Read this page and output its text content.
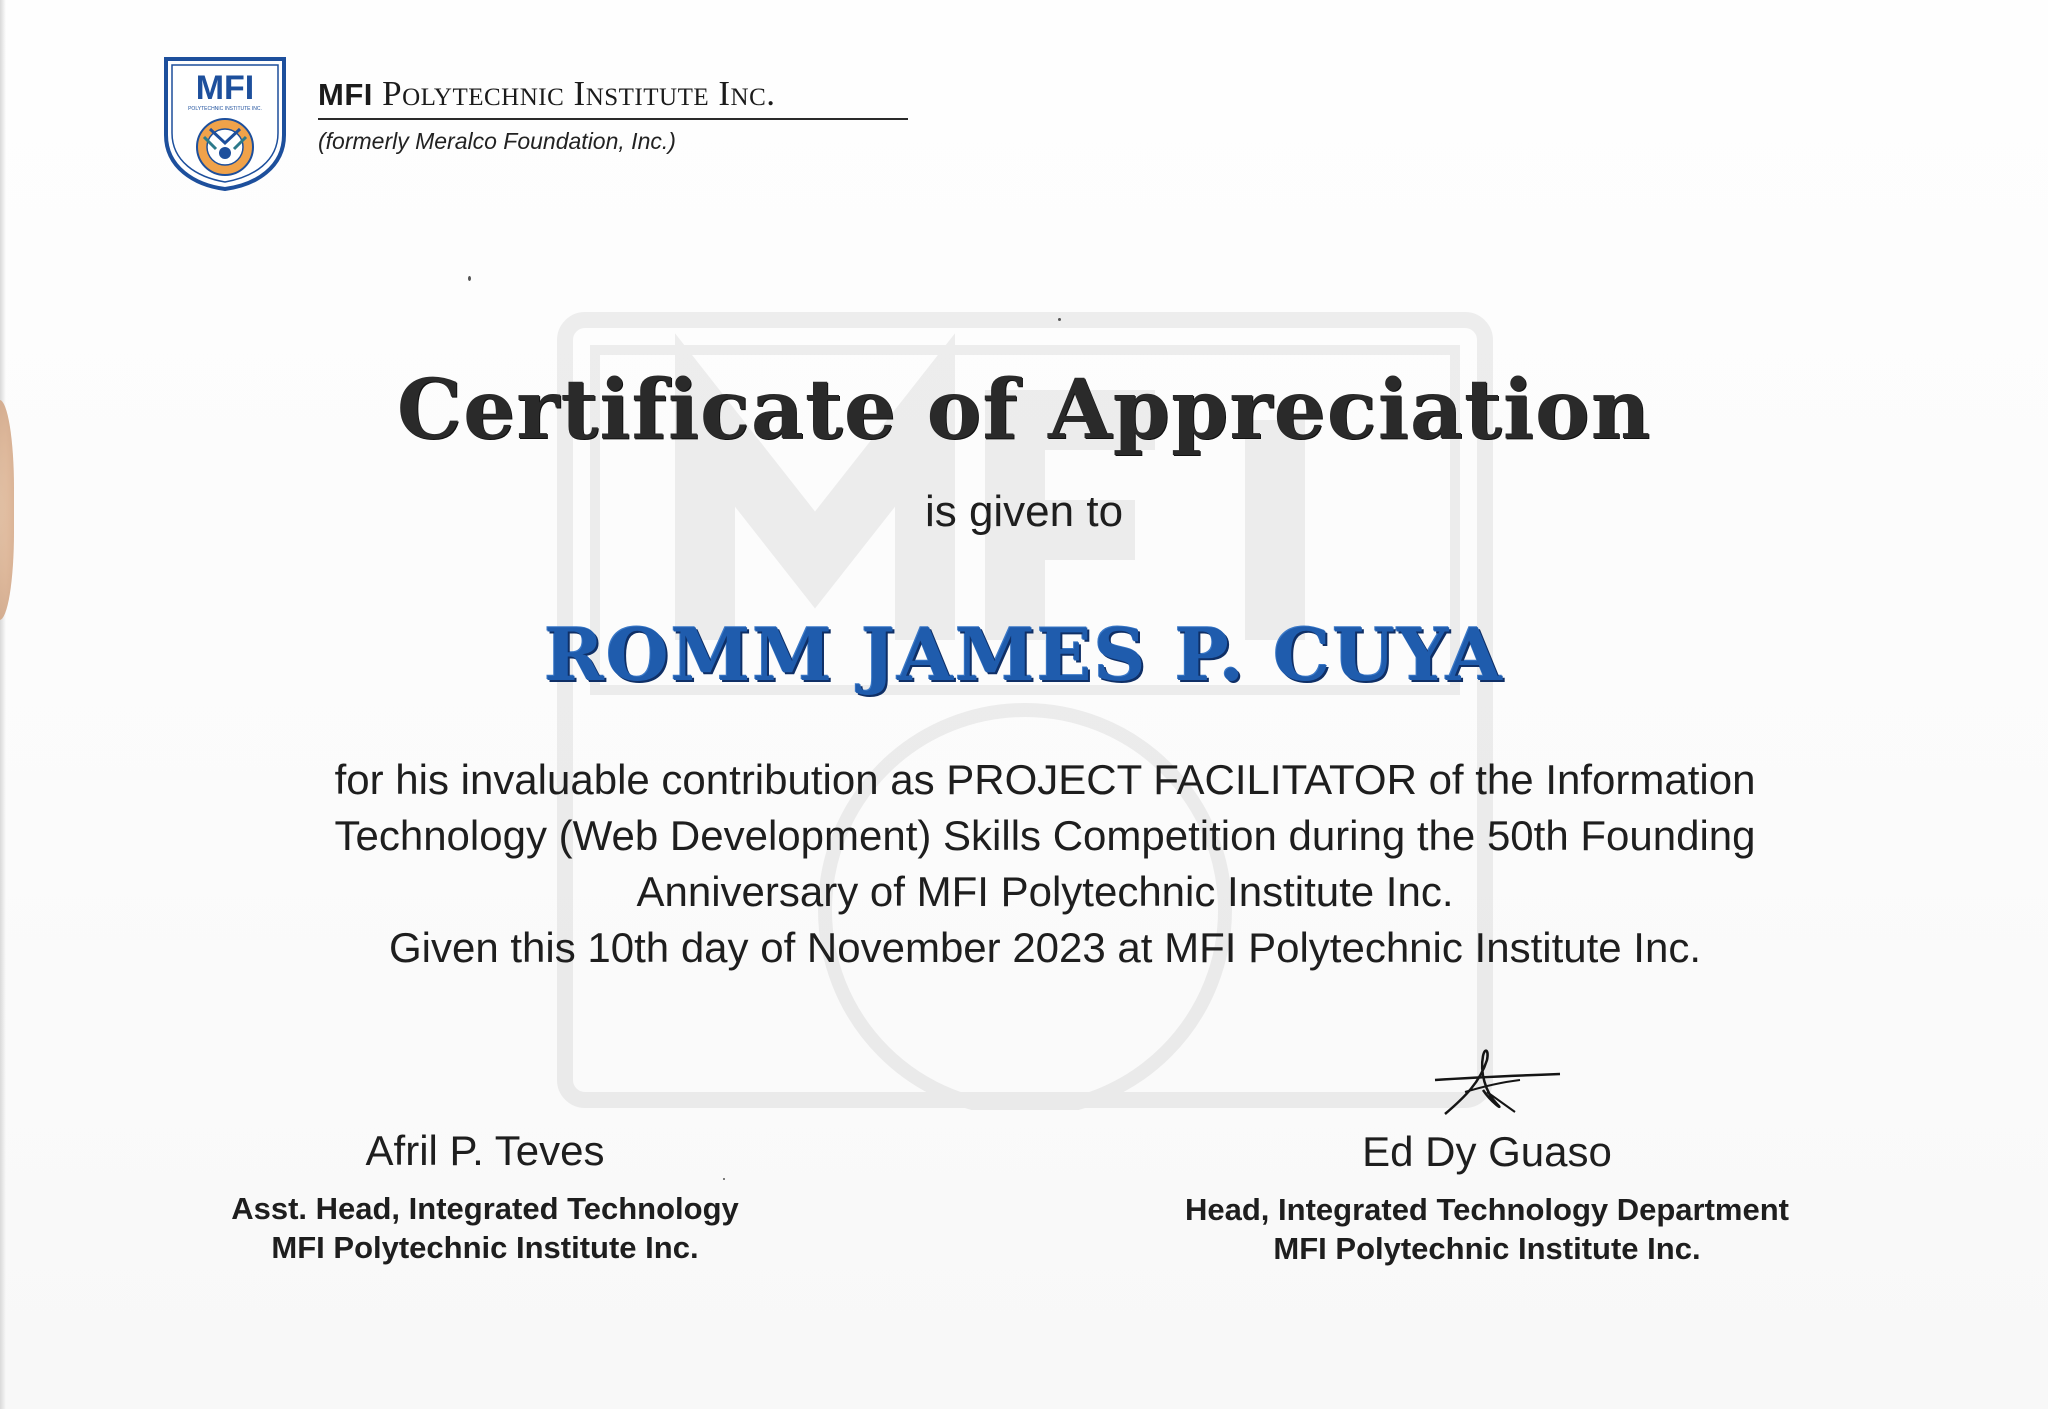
MFI
POLYTECHNIC INSTITUTE INC. MFI Polytechnic Institute Inc.
(formerly Meralco Foundation, Inc.)
Certificate of Appreciation
is given to
ROMM JAMES P. CUYA

for his invaluable contribution as PROJECT FACILITATOR of the Information

Technology (Web Development) Skills Competition during the 50th Founding

Anniversary of MFI Polytechnic Institute Inc.

Given this 10th day of November 2023 at MFI Polytechnic Institute Inc.

Afril P. Teves
Asst. Head, Integrated Technology
MFI Polytechnic Institute Inc.
Ed Dy Guaso
Head, Integrated Technology Department
MFI Polytechnic Institute Inc.
